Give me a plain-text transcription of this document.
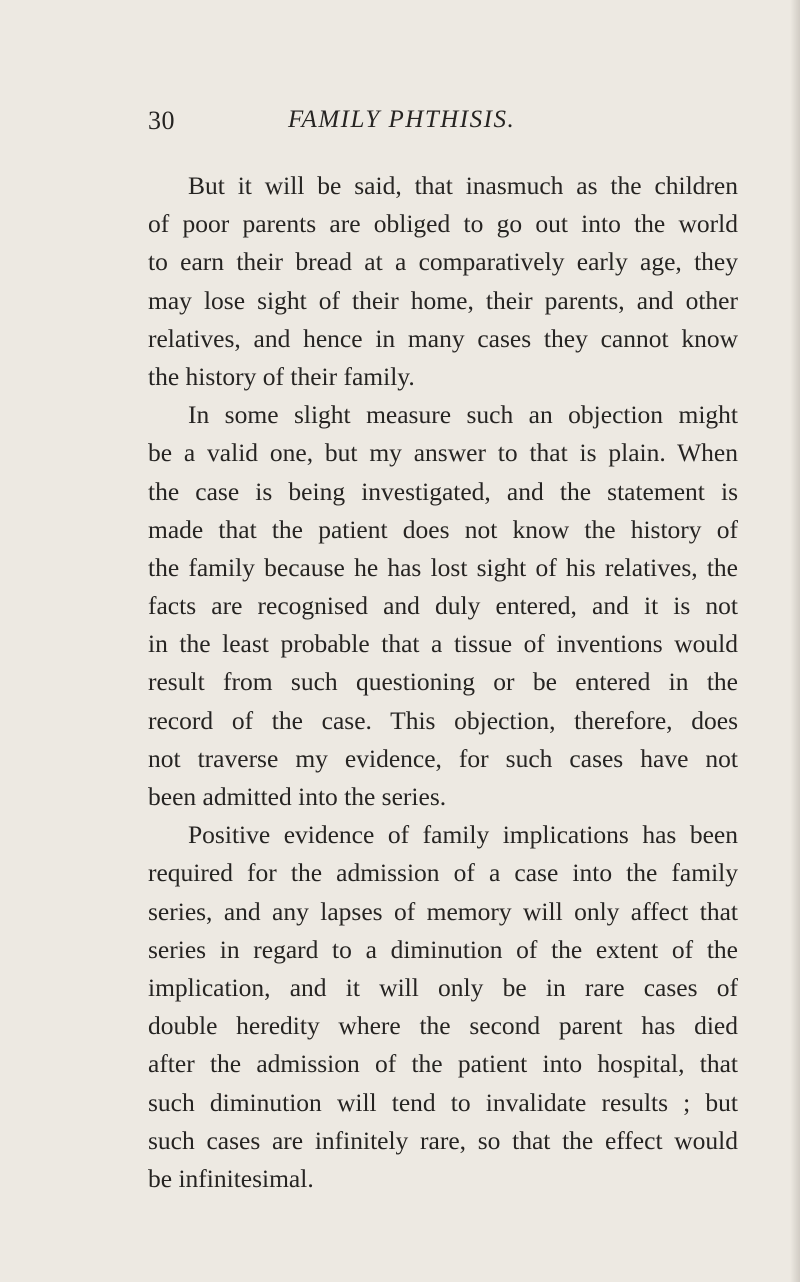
30	FAMILY PHTHISIS.
But it will be said, that inasmuch as the children
of poor parents are obliged to go out into the world
to earn their bread at a comparatively early age, they
may lose sight of their home, their parents, and other
relatives, and hence in many cases they cannot know
the history of their family.
In some slight measure such an objection might
be a valid one, but my answer to that is plain. When
the case is being investigated, and the statement is
made that the patient does not know the history of
the family because he has lost sight of his relatives, the
facts are recognised and duly entered, and it is not
in the least probable that a tissue of inventions would
result from such questioning or be entered in the
record of the case. This objection, therefore, does
not traverse my evidence, for such cases have not
been admitted into the series.
Positive evidence of family implications has been
required for the admission of a case into the family
series, and any lapses of memory will only affect that
series in regard to a diminution of the extent of the
implication, and it will only be in rare cases of
double heredity where the second parent has died
after the admission of the patient into hospital, that
such diminution will tend to invalidate results ; but
such cases are infinitely rare, so that the effect would
be infinitesimal.
